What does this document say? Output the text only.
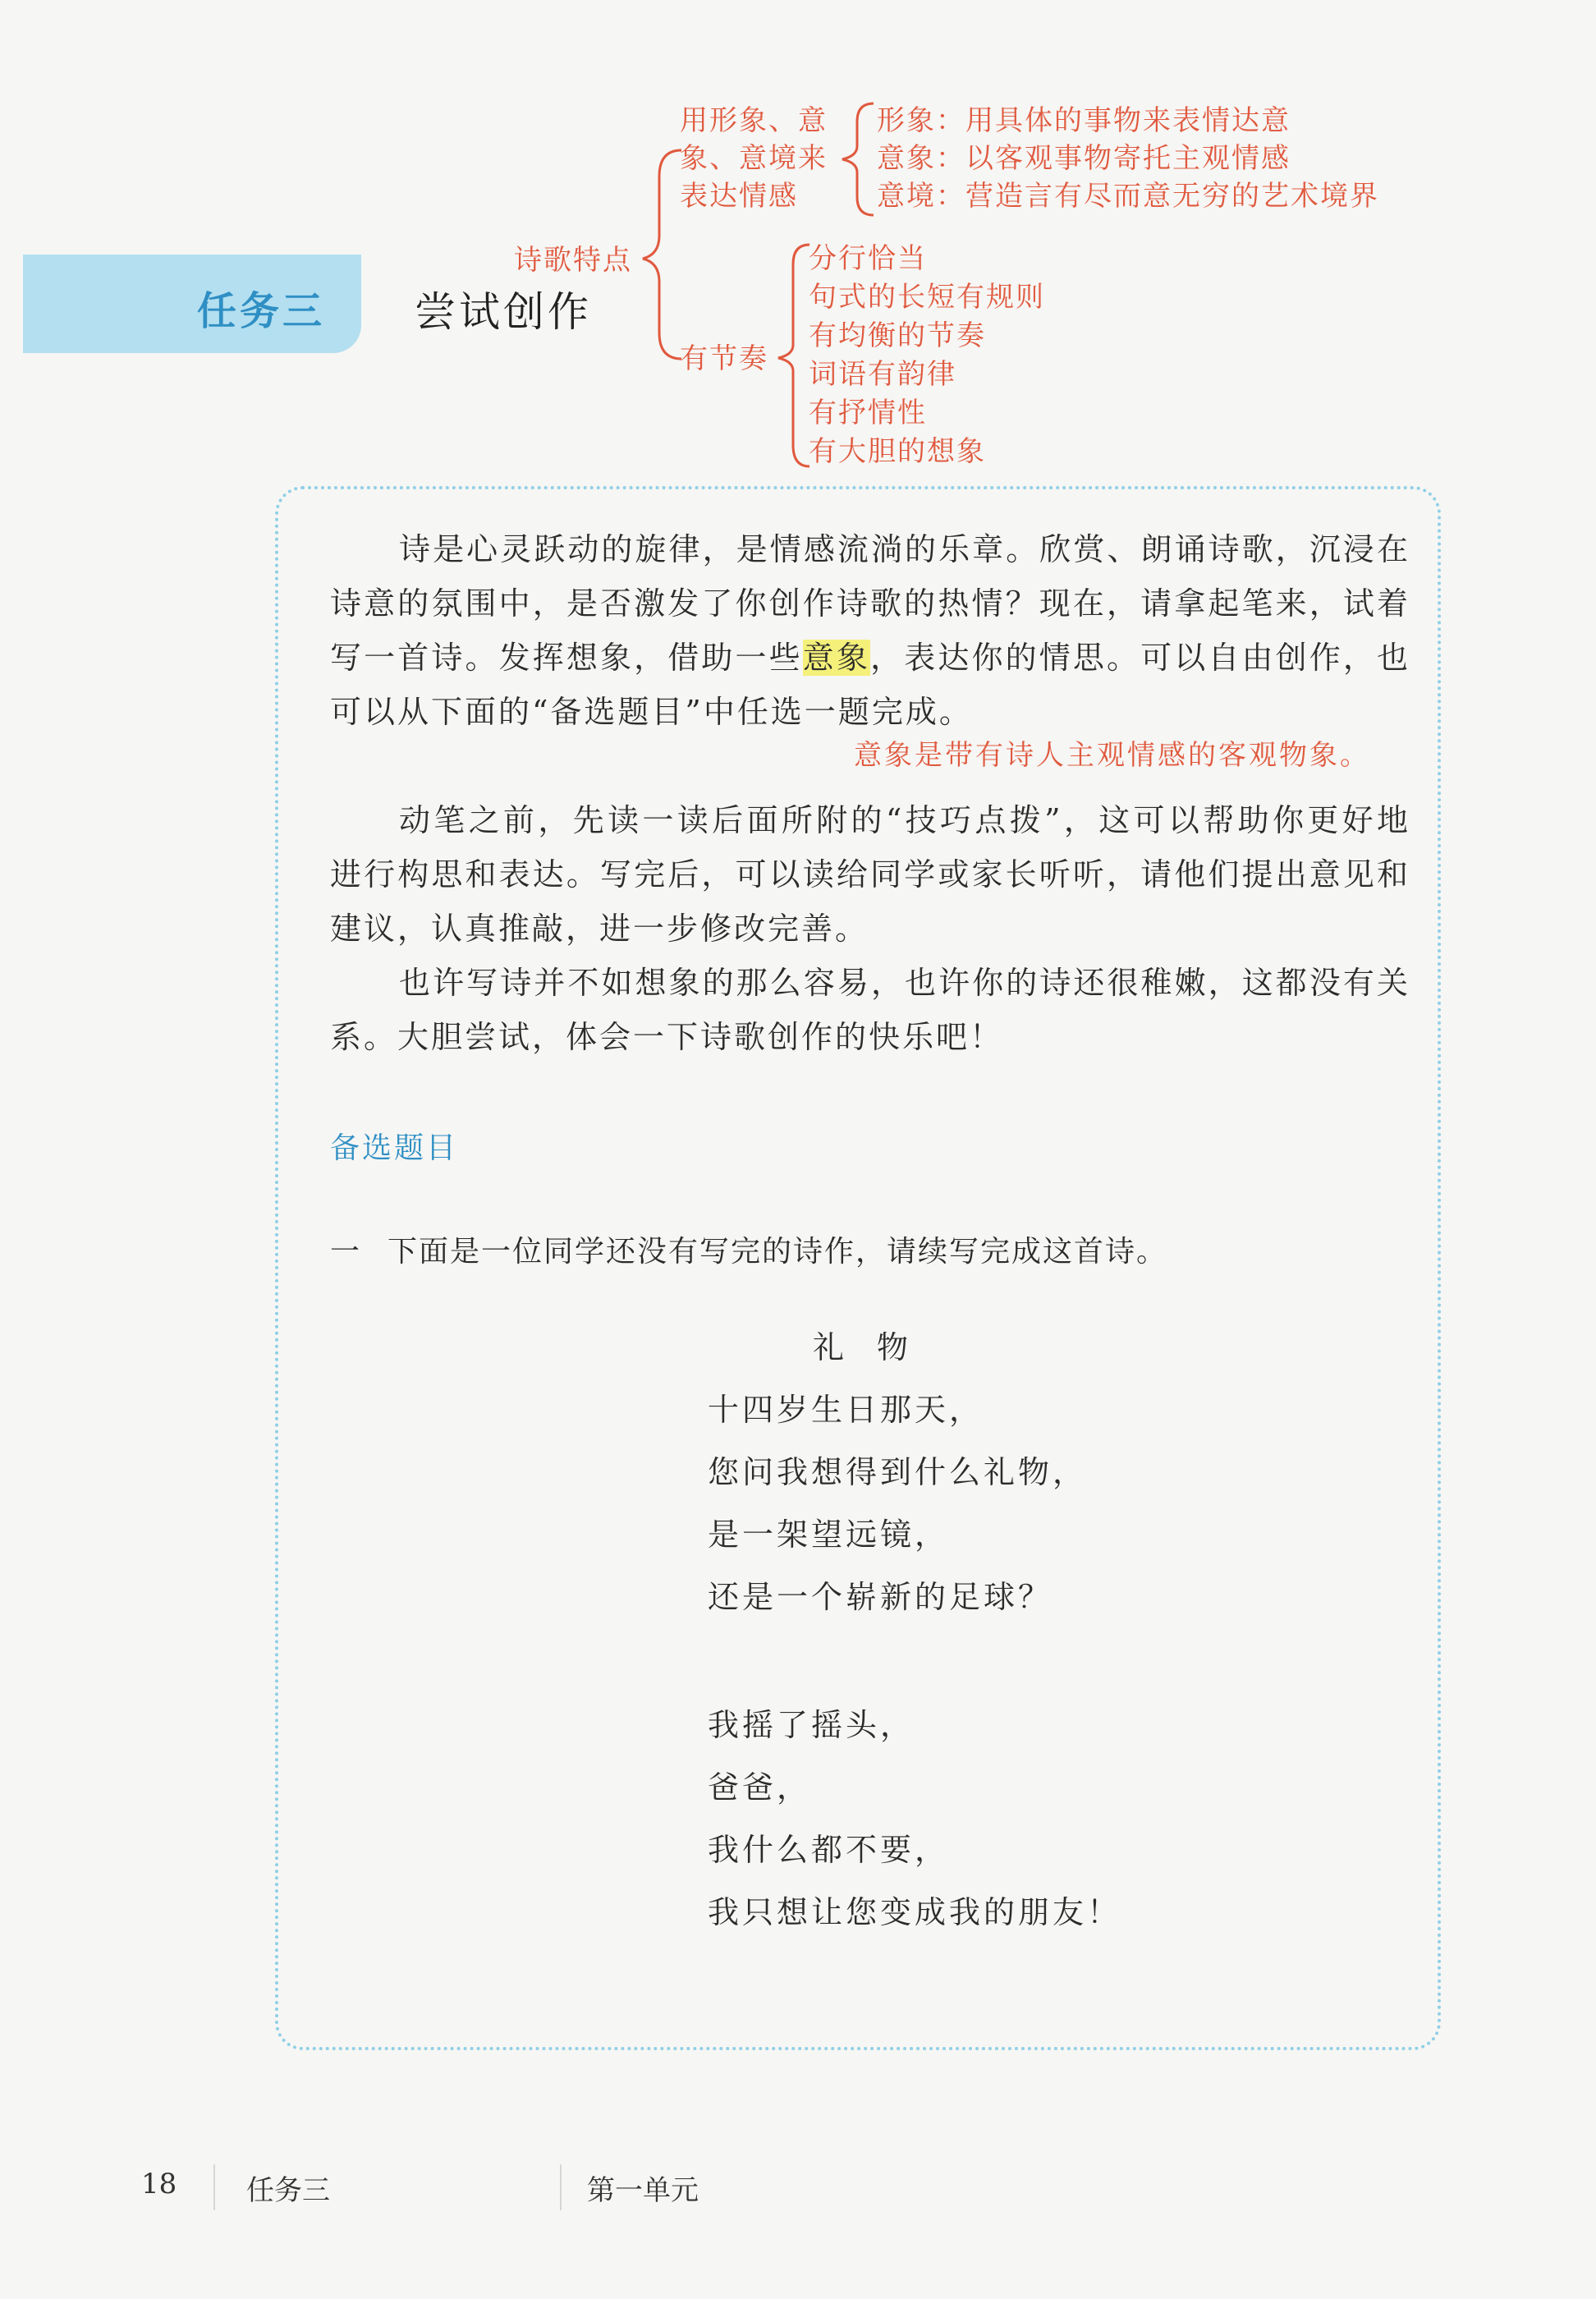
诗歌特点
用形象、意
象、意境来
表达情感
形象：用具体的事物来表情达意
意象：以客观事物寄托主观情感
意境：营造言有尽而意无穷的艺术境界
有节奏
分行恰当
句式的长短有规则
有均衡的节奏
词语有韵律
有抒情性
有大胆的想象
任务三 尝试创作

诗是心灵跃动的旋律，是情感流淌的乐章。欣赏、朗诵诗歌，沉浸在诗意的氛围中，是否激发了你创作诗歌的热情？现在，请拿起笔来，试着写一首诗。发挥想象，借助一些意象，表达你的情思。可以自由创作，也可以从下面的“备选题目”中任选一题完成。

意象是带有诗人主观情感的客观物象。

动笔之前，先读一读后面所附的“技巧点拨”，这可以帮助你更好地进行构思和表达。写完后，可以读给同学或家长听听，请他们提出意见和建议，认真推敲，进一步修改完善。

也许写诗并不如想象的那么容易，也许你的诗还很稚嫩，这都没有关系。大胆尝试，体会一下诗歌创作的快乐吧！

备选题目
一 下面是一位同学还没有写完的诗作，请续写完成这首诗。
礼物
十四岁生日那天，
您问我想得到什么礼物，
是一架望远镜，
还是一个崭新的足球？
我摇了摇头，
爸爸，
我什么都不要，
我只想让您变成我的朋友！
18 任务三	第一单元
